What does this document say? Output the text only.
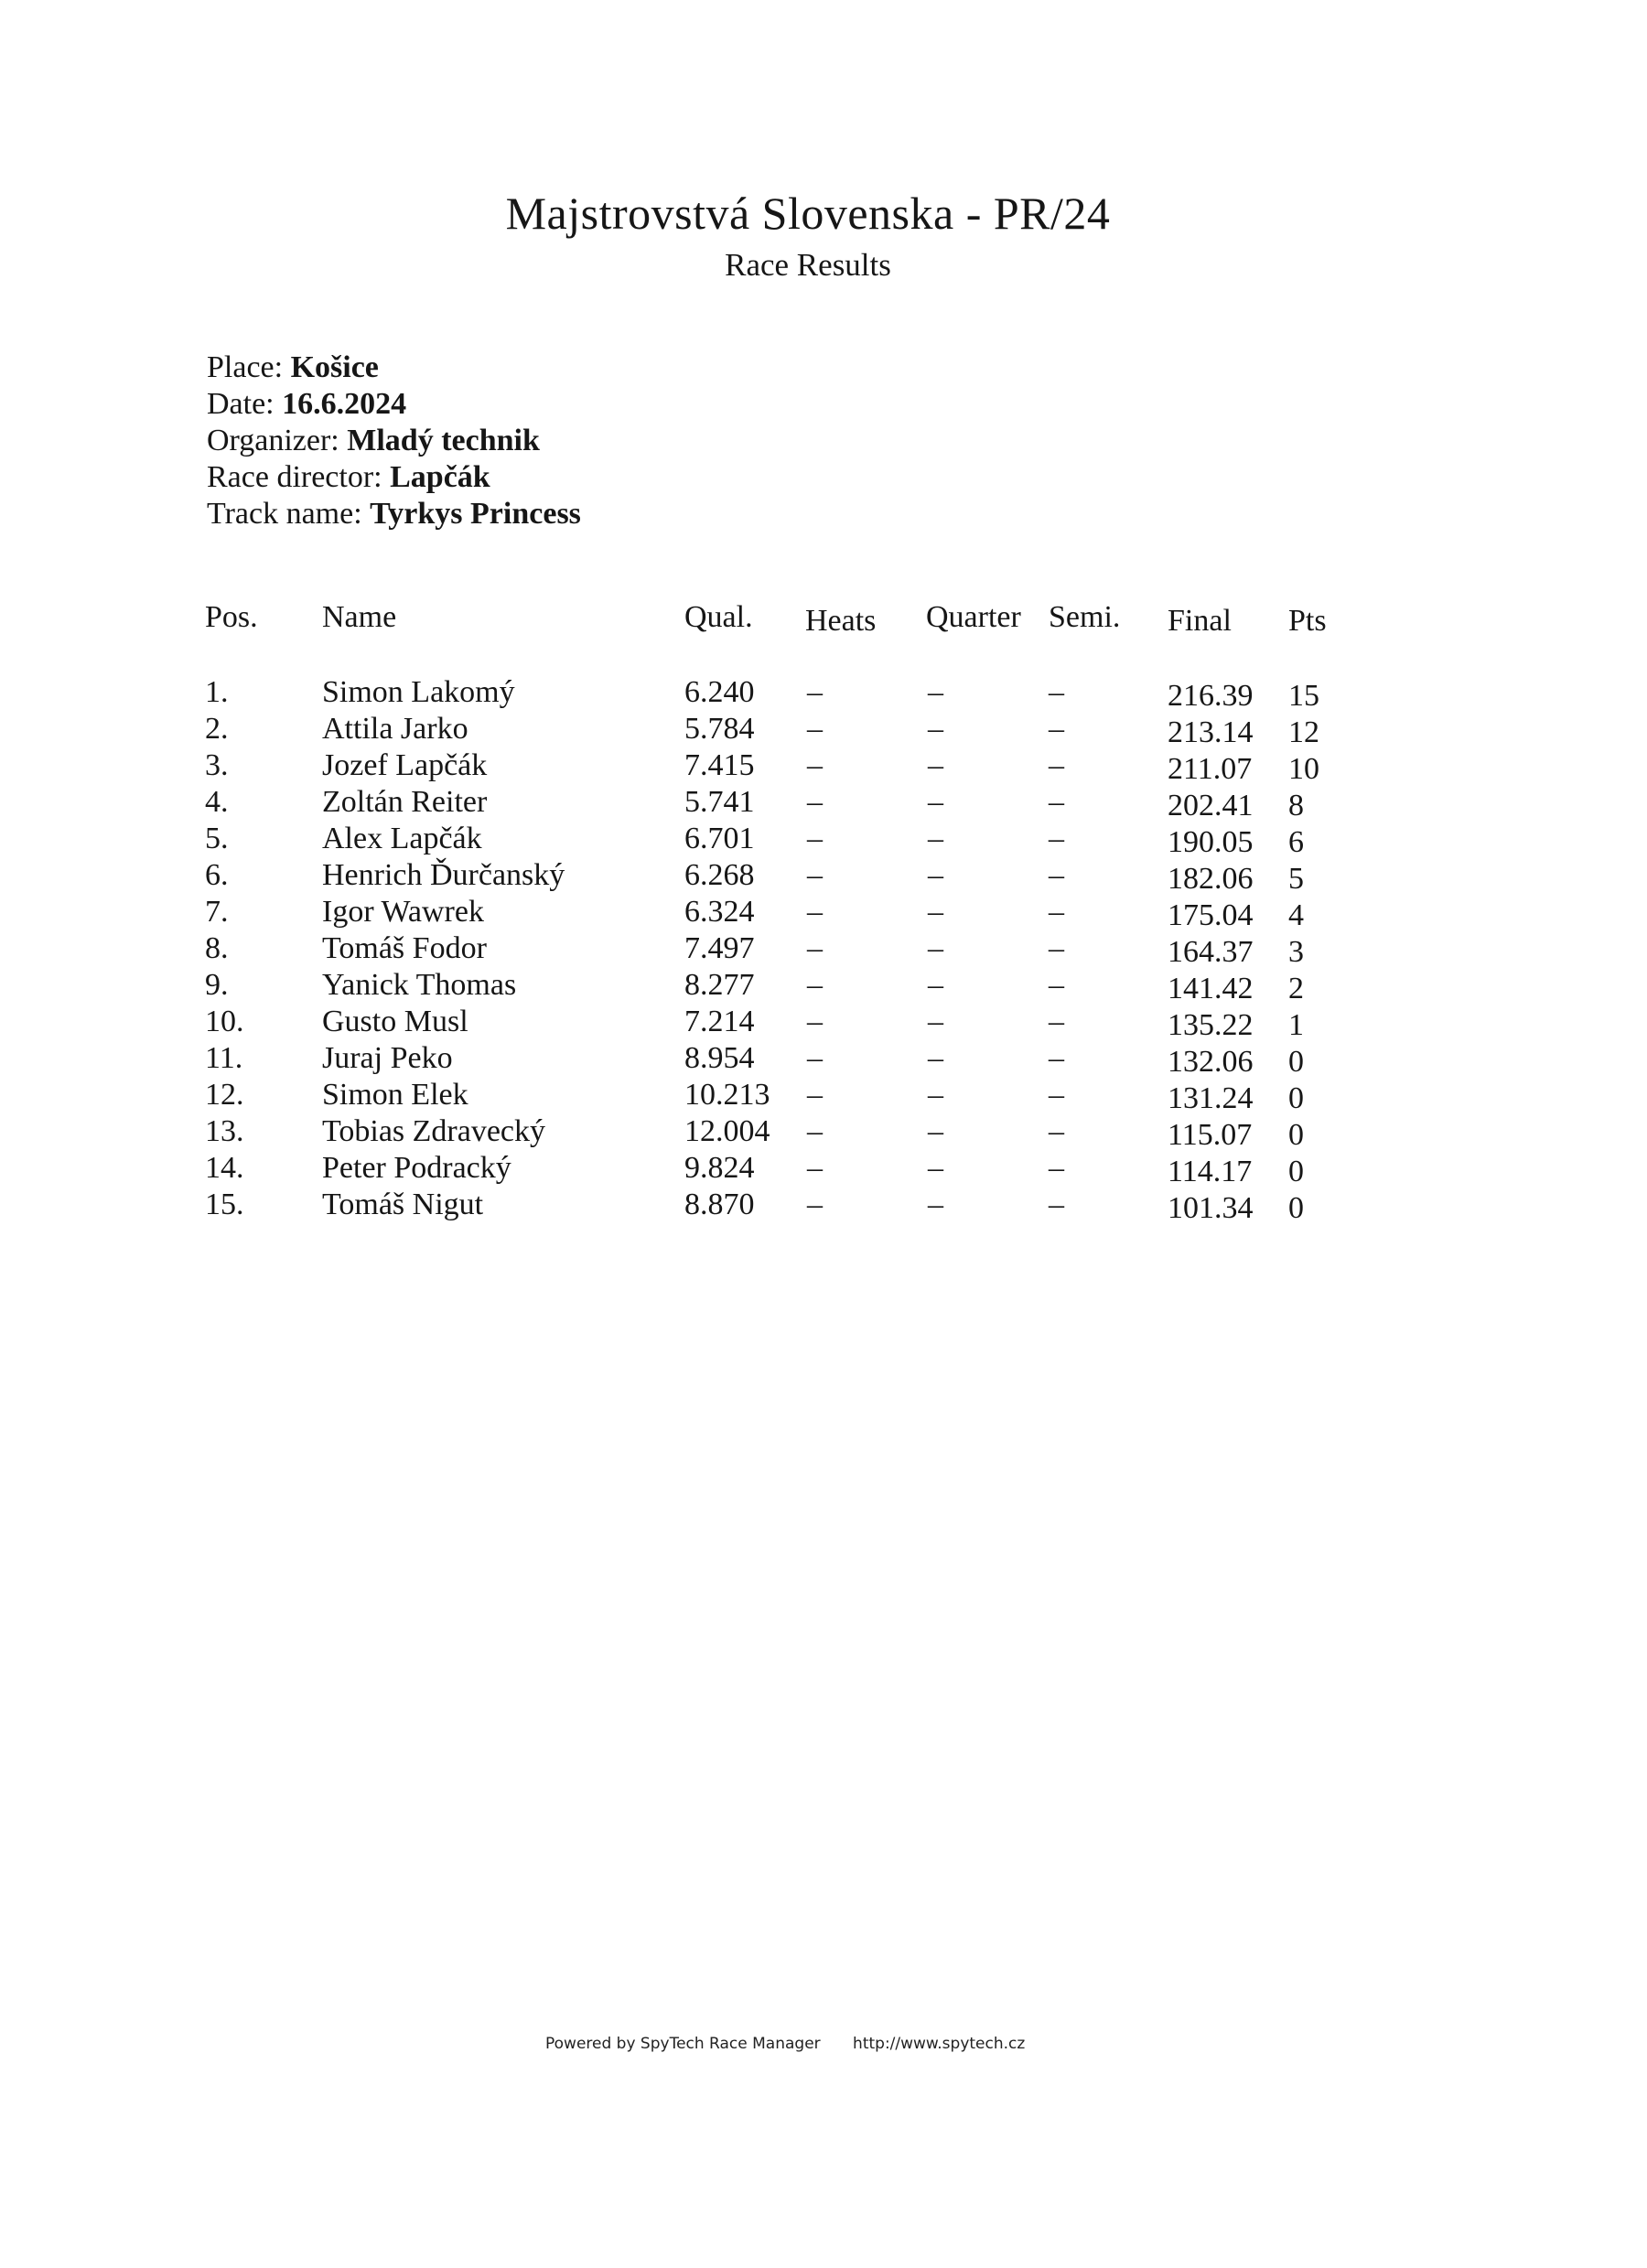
Majstrovstvá Slovenska - PR/24
Race Results
Place: Košice
Date: 16.6.2024
Organizer: Mladý technik
Race director: Lapčák
Track name: Tyrkys Princess
Pos. Name	Qual. Heats Quarter Semi. Final Pts
1.	Simon Lakomý	6.240 –	–	–	216.39 15
2.	Attila Jarko	5.784 –	–	–	213.14 12
3.	Jozef Lapčák	7.415 –	–	–	211.07 10
4.	Zoltán Reiter	5.741 –	–	–	202.41 8
5.	Alex Lapčák	6.701 –	–	–	190.05 6
6.	Henrich Ďurčanský	6.268 –	–	–	182.06 5
7.	Igor Wawrek	6.324 –	–	–	175.04 4
8.	Tomáš Fodor	7.497 –	–	–	164.37 3
9.	Yanick Thomas	8.277 –	–	–	141.42 2
10.	Gusto Musl	7.214 –	–	–	135.22 1
11.	Juraj Peko	8.954 –	–	–	132.06 0
12.	Simon Elek	10.213 –	–	–	131.24 0
13.	Tobias Zdravecký	12.004 –	–	–	115.07 0
14.	Peter Podracký	9.824 –	–	–	114.17 0
15.	Tomáš Nigut	8.870 –	–	–	101.34 0
Powered by SpyTech Race Manager http://www.spytech.cz
